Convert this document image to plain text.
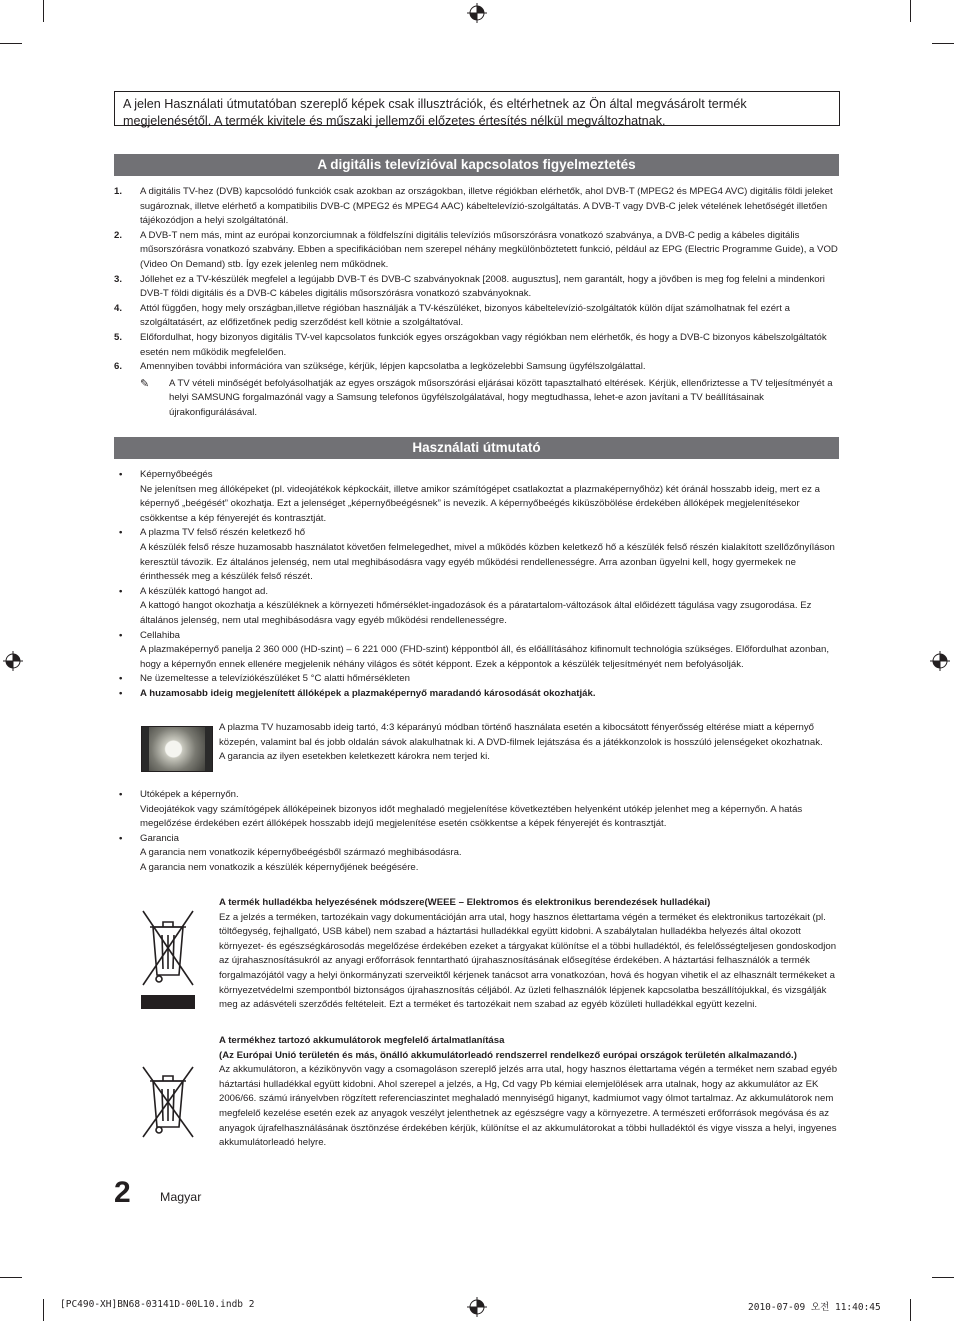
A jelen Használati útmutatóban szereplő képek csak illusztrációk, és eltérhetnek az Ön által megvásárolt termék megjelenésétől. A termék kivitele és műszaki jellemzői előzetes értesítés nélkül megváltozhatnak.
A digitális televízióval kapcsolatos figyelmeztetés
1. A digitális TV-hez (DVB) kapcsolódó funkciók csak azokban az országokban, illetve régiókban elérhetők, ahol DVB-T (MPEG2 és MPEG4 AVC) digitális földi jeleket sugároznak, illetve elérhető a kompatibilis DVB-C (MPEG2 és MPEG4 AAC) kábeltelevízió-szolgáltatás. A DVB-T vagy DVB-C jelek vételének lehetőségét illetően tájékozódjon a helyi szolgáltatónál.
2. A DVB-T nem más, mint az európai konzorciumnak a földfelszíni digitális televíziós műsorszórásra vonatkozó szabványa, a DVB-C pedig a kábeles digitális műsorszórásra vonatkozó szabvány. Ebben a specifikációban nem szerepel néhány megkülönböztetett funkció, például az EPG (Electric Programme Guide), a VOD (Video On Demand) stb. Így ezek jelenleg nem működnek.
3. Jóllehet ez a TV-készülék megfelel a legújabb DVB-T és DVB-C szabványoknak [2008. augusztus], nem garantált, hogy a jövőben is meg fog felelni a mindenkori DVB-T földi digitális és a DVB-C kábeles digitális műsorszórásra vonatkozó szabványoknak.
4. Attól függően, hogy mely országban,illetve régióban használják a TV-készüléket, bizonyos kábeltelevízió-szolgáltatók külön díjat számolhatnak fel ezért a szolgáltatásért, az előfizetőnek pedig szerződést kell kötnie a szolgáltatóval.
5. Előfordulhat, hogy bizonyos digitális TV-vel kapcsolatos funkciók egyes országokban vagy régiókban nem elérhetők, és hogy a DVB-C bizonyos kábelszolgáltatók esetén nem működik megfelelően.
6. Amennyiben további információra van szüksége, kérjük, lépjen kapcsolatba a legközelebbi Samsung ügyfélszolgálattal.
✎ A TV vételi minőségét befolyásolhatják az egyes országok műsorszórási eljárásai között tapasztalható eltérések. Kérjük, ellenőriztesse a TV teljesítményét a helyi SAMSUNG forgalmazónál vagy a Samsung telefonos ügyfélszolgálatával, hogy megtudhassa, lehet-e azon javítani a TV beállításainak újrakonfigurálásával.
Használati útmutató
• Képernyőbeégés
Ne jelenítsen meg állóképeket (pl. videojátékok képkockáit, illetve amikor számítógépet csatlakoztat a plazmaképernyőhöz) két óránál hosszabb ideig, mert ez a képernyő „beégését” okozhatja. Ezt a jelenséget „képernyőbeégésnek” is nevezik. A képernyőbeégés kiküszöbölése érdekében állóképek megjelenítésekor csökkentse a kép fényerejét és kontrasztját.
• A plazma TV felső részén keletkező hő
A készülék felső része huzamosabb használatot követően felmelegedhet, mivel a működés közben keletkező hő a készülék felső részén kialakított szellőzőnyíláson keresztül távozik. Ez általános jelenség, nem utal meghibásodásra vagy egyéb működési rendellenességre. Arra azonban ügyelni kell, hogy gyermekek ne érinthessék meg a készülék felső részét.
• A készülék kattogó hangot ad.
A kattogó hangot okozhatja a készüléknek a környezeti hőmérséklet-ingadozások és a páratartalom-változások által előidézett tágulása vagy zsugorodása. Ez általános jelenség, nem utal meghibásodásra vagy egyéb működési rendellenességre.
• Cellahiba
A plazmaképernyő panelja 2 360 000 (HD-szint) – 6 221 000 (FHD-szint) képpontból áll, és előállításához kifinomult technológia szükséges. Előfordulhat azonban, hogy a képernyőn ennek ellenére megjelenik néhány világos és sötét képpont. Ezek a képpontok a készülék teljesítményét nem befolyásolják.
• Ne üzemeltesse a televíziókészüléket 5 °C alatti hőmérsékleten
• A huzamosabb ideig megjelenített állóképek a plazmaképernyő maradandó károsodását okozhatják.
A plazma TV huzamosabb ideig tartó, 4:3 képarányú módban történő használata esetén a kibocsátott fényerősség eltérése miatt a képernyő közepén, valamint bal és jobb oldalán sávok alakulhatnak ki. A DVD-filmek lejátszása és a játékkonzolok is hosszúló jelenségeket okozhatnak.
A garancia az ilyen esetekben keletkezett károkra nem terjed ki.
• Utóképek a képernyőn.
Videojátékok vagy számítógépek állóképeinek bizonyos időt meghaladó megjelenítése következtében helyenként utókép jelenhet meg a képernyőn. A hatás megelőzése érdekében ezért állóképek hosszabb idejű megjelenítése esetén csökkentse a képek fényerejét és kontrasztját.
• Garancia
A garancia nem vonatkozik képernyőbeégésből származó meghibásodásra.
A garancia nem vonatkozik a készülék képernyőjének beégésére.
A termék hulladékba helyezésének módszere(WEEE – Elektromos és elektronikus berendezések hulladékai)
Ez a jelzés a terméken, tartozékain vagy dokumentációján arra utal, hogy hasznos élettartama végén a terméket és elektronikus tartozékait (pl. töltőegység, fejhallgató, USB kábel) nem szabad a háztartási hulladékkal együtt kidobni. A szabálytalan hulladékba helyezés által okozott környezet- és egészségkárosodás megelőzése érdekében ezeket a tárgyakat különítse el a többi hulladéktól, és felelősségteljesen gondoskodjon az újrahasznosításukról az anyagi erőforrások fenntartható újrahasznosításának elősegítése érdekében. A háztartási felhasználók a termék forgalmazójától vagy a helyi önkormányzati szerveiktől kérjenek tanácsot arra vonatkozóan, hová és hogyan vihetik el az elhasznált termékeket a környezetvédelmi szempontból biztonságos újrahasznosítás céljából. Az üzleti felhasználók lépjenek kapcsolatba beszállítójukkal, és vizsgálják meg az adásvételi szerződés feltételeit. Ezt a terméket és tartozékait nem szabad az egyéb közületi hulladékkal együtt kezelni.
A termékhez tartozó akkumulátorok megfelelő ártalmatlanítása
(Az Európai Unió területén és más, önálló akkumulátorleadó rendszerrel rendelkező európai országok területén alkalmazandó.)
Az akkumulátoron, a kézikönyvön vagy a csomagoláson szereplő jelzés arra utal, hogy hasznos élettartama végén a terméket nem szabad egyéb háztartási hulladékkal együtt kidobni. Ahol szerepel a jelzés, a Hg, Cd vagy Pb kémiai elemjelölések arra utalnak, hogy az akkumulátor az EK 2006/66. számú irányelvben rögzített referenciaszintet meghaladó mennyiségű higanyt, kadmiumot vagy ólmot tartalmaz. Az akkumulátorok nem megfelelő kezelése esetén ezek az anyagok veszélyt jelenthetnek az egészségre vagy a környezetre. A természeti erőforrások megóvása és az anyagok újrafelhasználásának ösztönzése érdekében kérjük, különítse el az akkumulátorokat a többi hulladéktól és vigye vissza a helyi, ingyenes akkumulátorleadó helyre.
2 Magyar
[PC490-XH]BN68-03141D-00L10.indb 2	2010-07-09 오전 11:40:45
